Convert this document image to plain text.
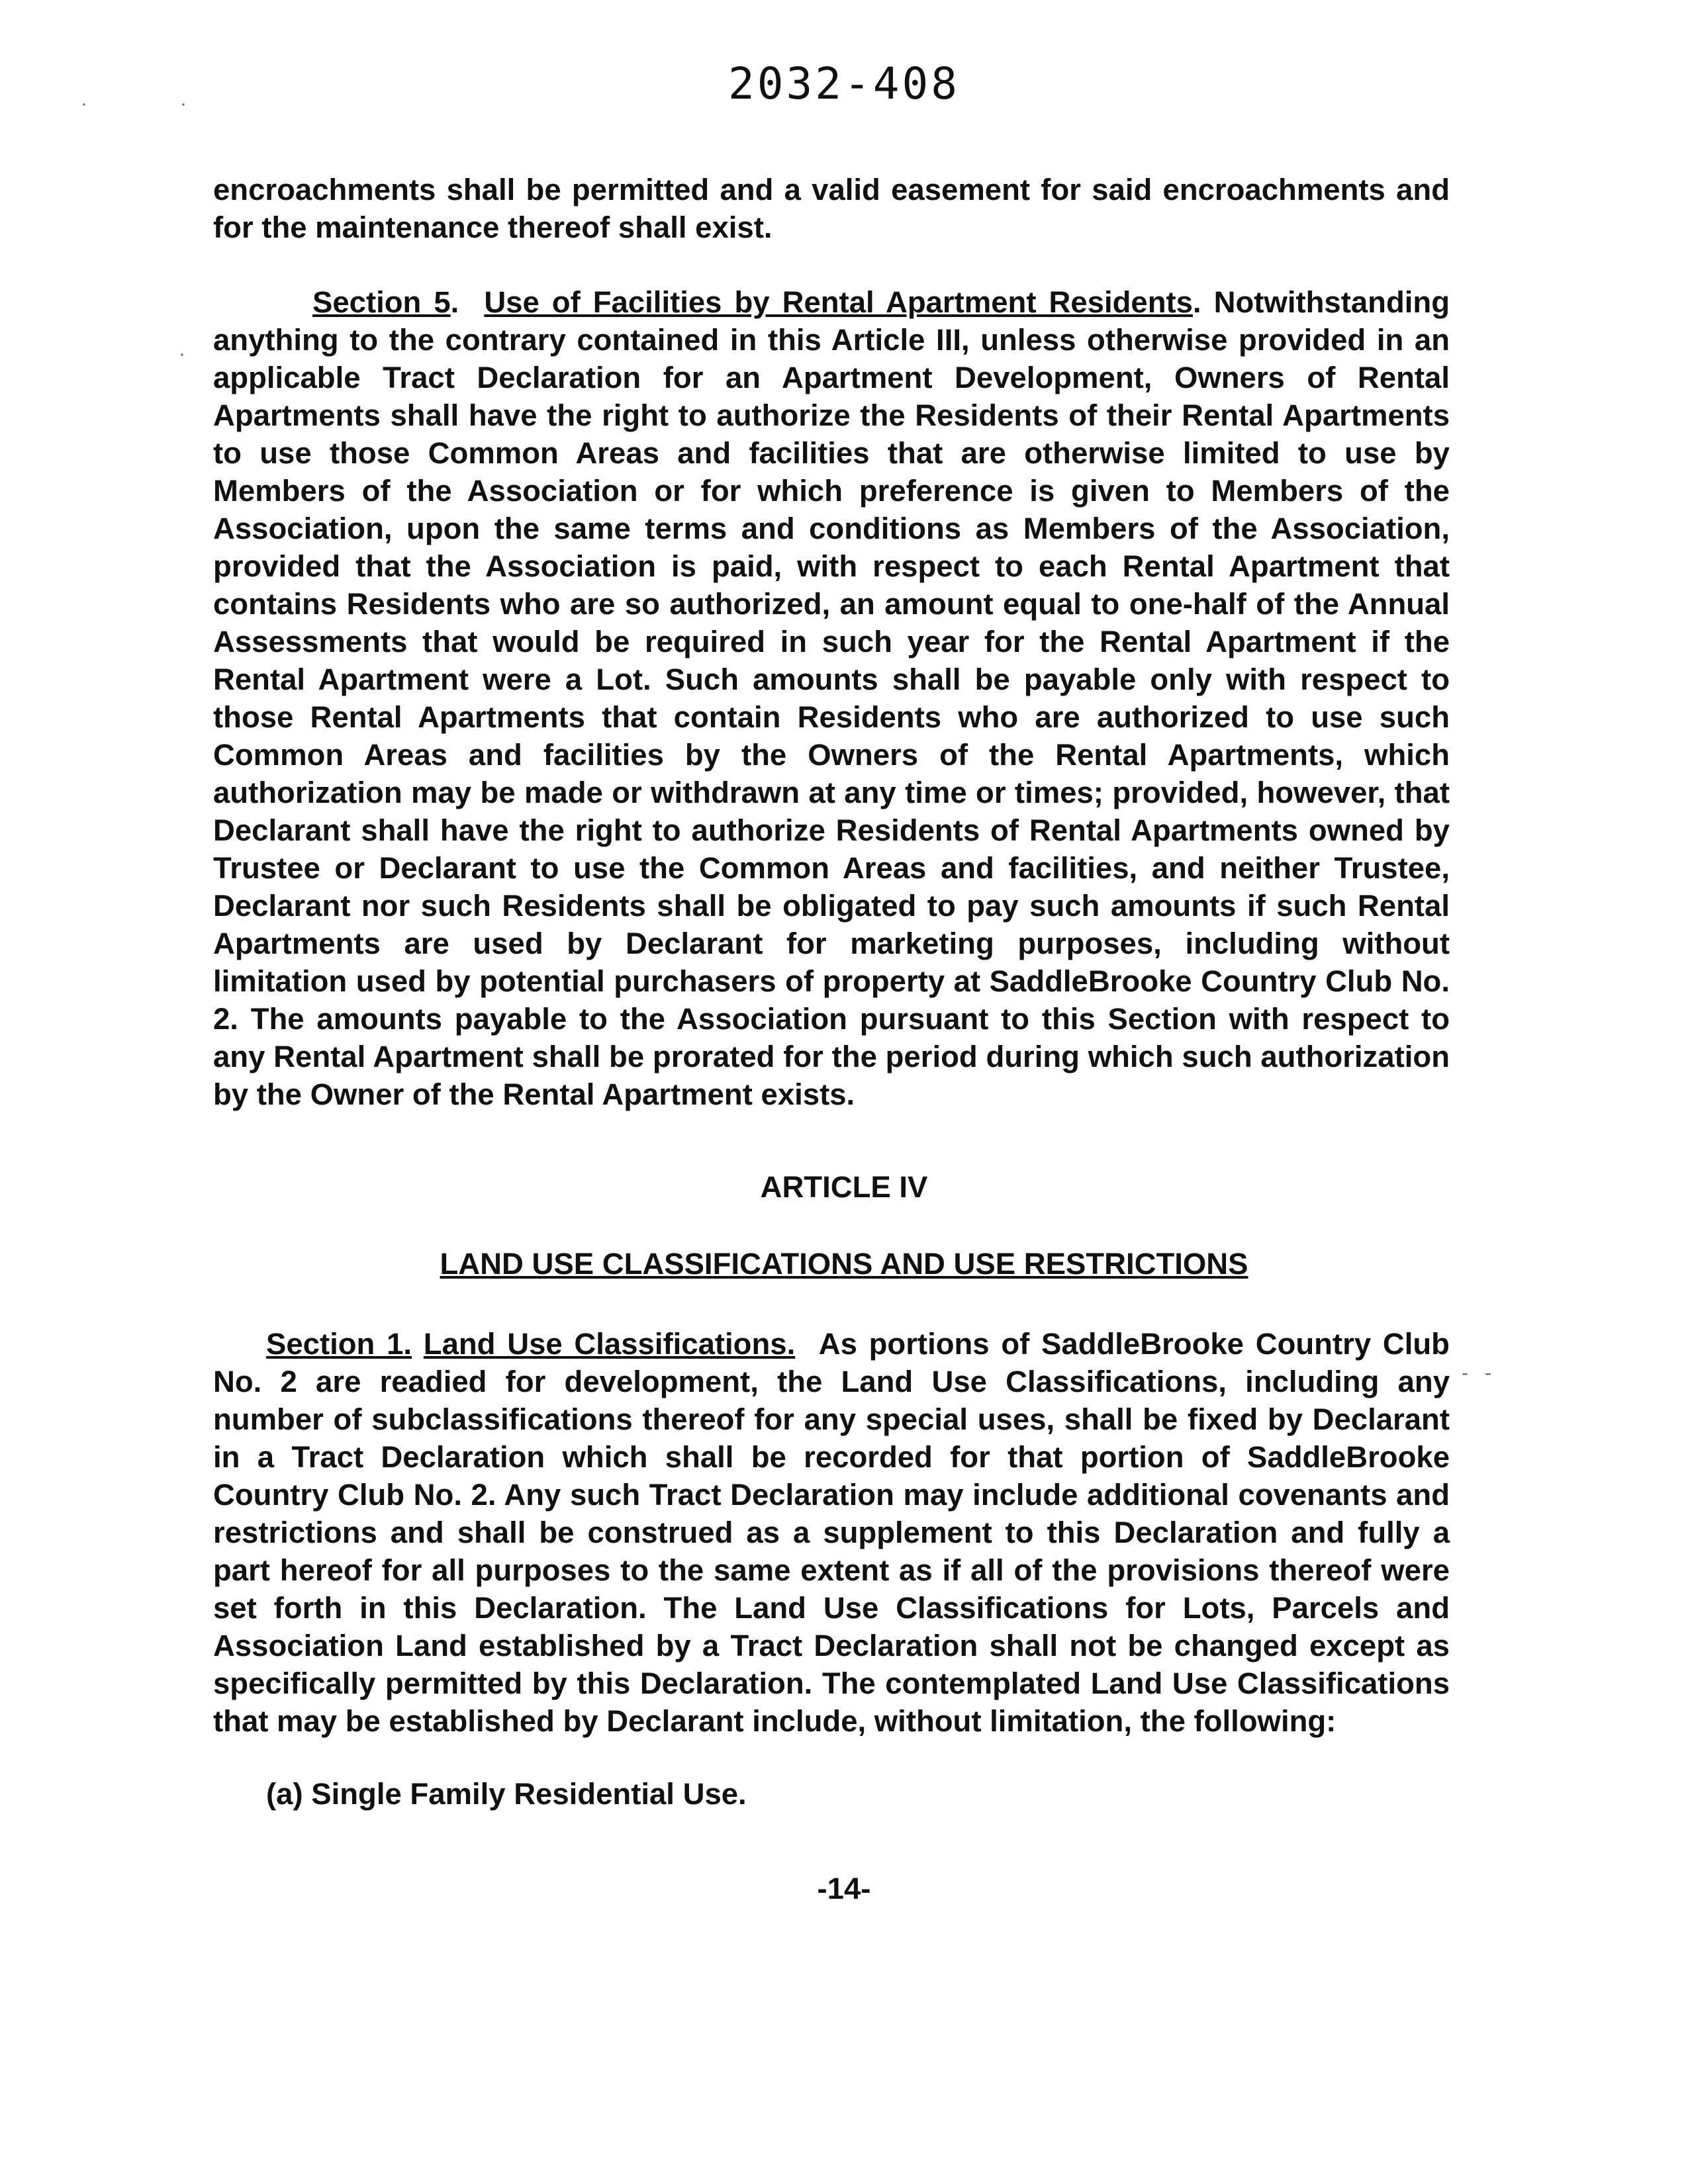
2032-408
·	·
·
-   -
encroachments shall be permitted and a valid easement for said encroachments and for the maintenance thereof shall exist.
Section 5.  Use of Facilities by Rental Apartment Residents. Notwithstanding anything to the contrary contained in this Article III, unless otherwise provided in an applicable Tract Declaration for an Apartment Development, Owners of Rental Apartments shall have the right to authorize the Residents of their Rental Apartments to use those Common Areas and facilities that are otherwise limited to use by Members of the Association or for which preference is given to Members of the Association, upon the same terms and conditions as Members of the Association, provided that the Association is paid, with respect to each Rental Apartment that contains Residents who are so authorized, an amount equal to one-half of the Annual Assessments that would be required in such year for the Rental Apartment if the Rental Apartment were a Lot. Such amounts shall be payable only with respect to those Rental Apartments that contain Residents who are authorized to use such Common Areas and facilities by the Owners of the Rental Apartments, which authorization may be made or withdrawn at any time or times; provided, however, that Declarant shall have the right to authorize Residents of Rental Apartments owned by Trustee or Declarant to use the Common Areas and facilities, and neither Trustee, Declarant nor such Residents shall be obligated to pay such amounts if such Rental Apartments are used by Declarant for marketing purposes, including without limitation used by potential purchasers of property at SaddleBrooke Country Club No. 2. The amounts payable to the Association pursuant to this Section with respect to any Rental Apartment shall be prorated for the period during which such authorization by the Owner of the Rental Apartment exists.
ARTICLE IV
LAND USE CLASSIFICATIONS AND USE RESTRICTIONS
Section 1. Land Use Classifications. As portions of SaddleBrooke Country Club No. 2 are readied for development, the Land Use Classifications, including any number of subclassifications thereof for any special uses, shall be fixed by Declarant in a Tract Declaration which shall be recorded for that portion of SaddleBrooke Country Club No. 2. Any such Tract Declaration may include additional covenants and restrictions and shall be construed as a supplement to this Declaration and fully a part hereof for all purposes to the same extent as if all of the provisions thereof were set forth in this Declaration. The Land Use Classifications for Lots, Parcels and Association Land established by a Tract Declaration shall not be changed except as specifically permitted by this Declaration. The contemplated Land Use Classifications that may be established by Declarant include, without limitation, the following:
(a) Single Family Residential Use.
-14-
